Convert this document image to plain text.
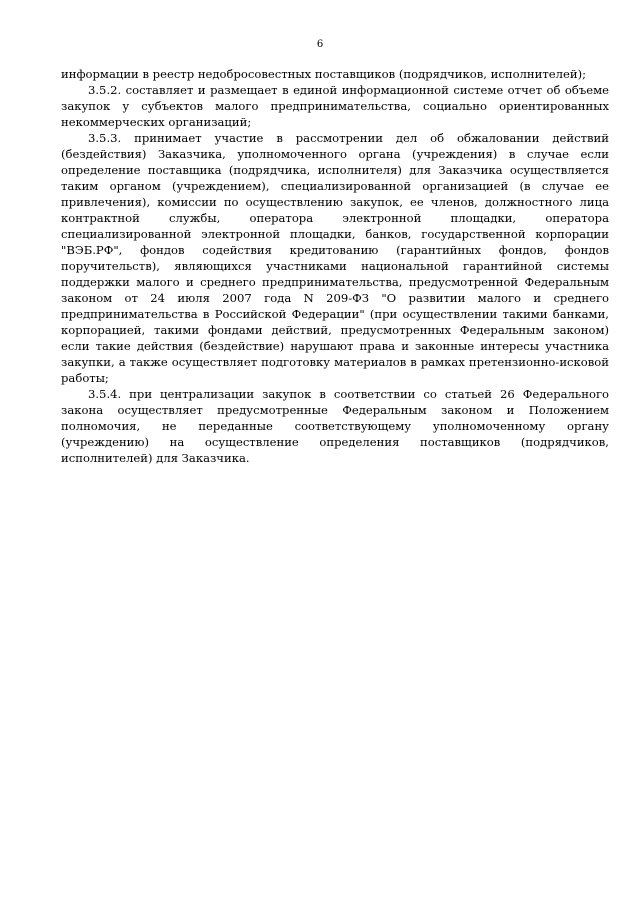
6

информации в реестр недобросовестных поставщиков (подрядчиков, исполнителей);

3.5.2. составляет и размещает в единой информационной системе отчет об объеме закупок у субъектов малого предпринимательства, социально ориентированных некоммерческих организаций;

3.5.3. принимает участие в рассмотрении дел об обжаловании действий (бездействия) Заказчика, уполномоченного органа (учреждения) в случае если определение поставщика (подрядчика, исполнителя) для Заказчика осуществляется таким органом (учреждением), специализированной организацией (в случае ее привлечения), комиссии по осуществлению закупок, ее членов, должностного лица контрактной службы, оператора электронной площадки, оператора специализированной электронной площадки, банков, государственной корпорации "ВЭБ.РФ", фондов содействия кредитованию (гарантийных фондов, фондов поручительств), являющихся участниками национальной гарантийной системы поддержки малого и среднего предпринимательства, предусмотренной Федеральным законом от 24 июля 2007 года N 209-ФЗ "О развитии малого и среднего предпринимательства в Российской Федерации" (при осуществлении такими банками, корпорацией, такими фондами действий, предусмотренных Федеральным законом) если такие действия (бездействие) нарушают права и законные интересы участника закупки, а также осуществляет подготовку материалов в рамках претензионно-исковой работы;

3.5.4. при централизации закупок в соответствии со статьей 26 Федерального закона осуществляет предусмотренные Федеральным законом и Положением полномочия, не переданные соответствующему уполномоченному органу (учреждению) на осуществление определения поставщиков (подрядчиков, исполнителей) для Заказчика.
